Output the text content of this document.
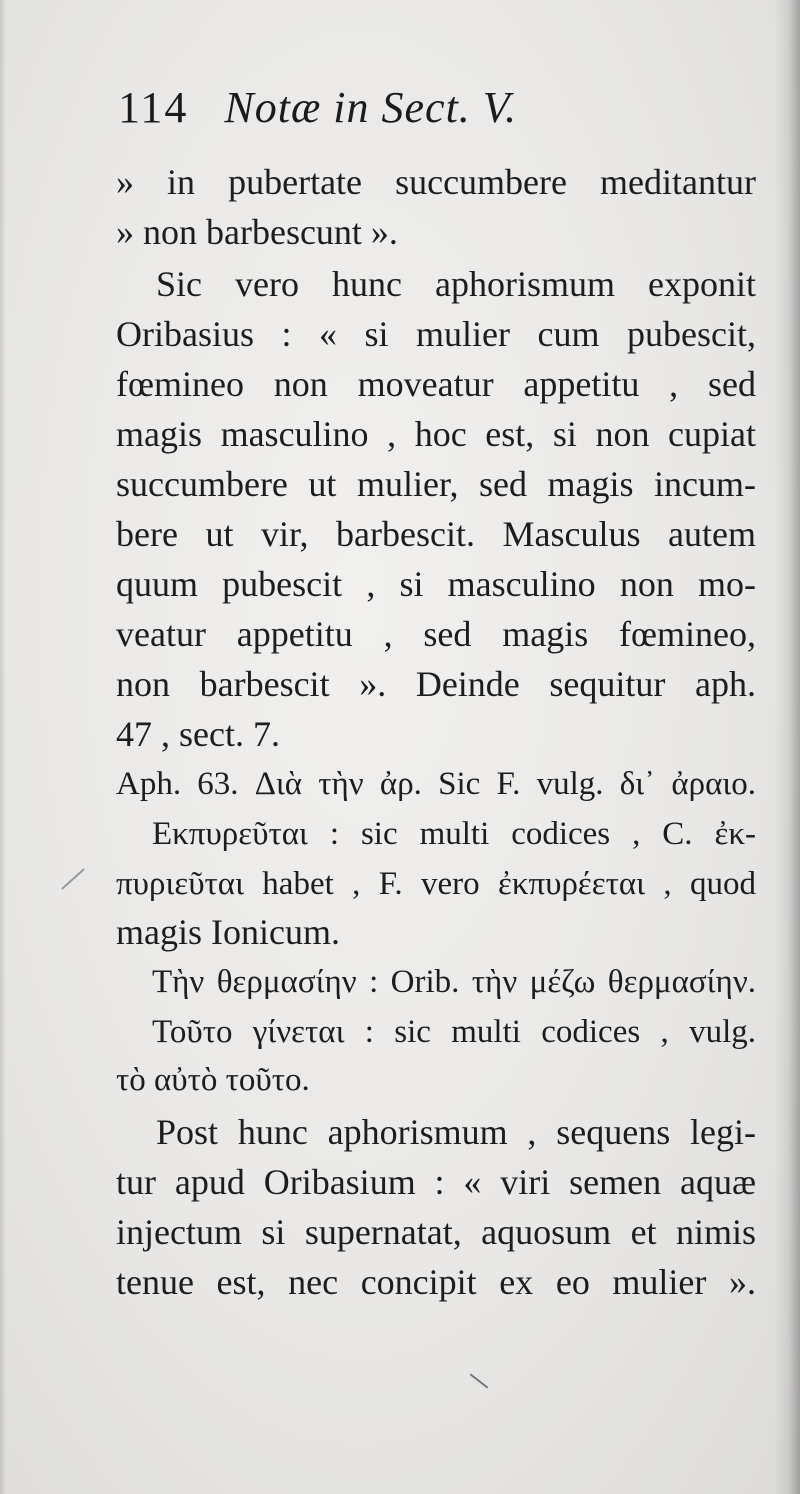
114 Notæ in Sect. V.
» in pubertate succumbere meditantur
» non barbescunt ».
Sic vero hunc aphorismum exponit
Oribasius : « si mulier cum pubescit,
fœmineo non moveatur appetitu , sed
magis masculino , hoc est, si non cupiat
succumbere ut mulier, sed magis incum-
bere ut vir, barbescit. Masculus autem
quum pubescit , si masculino non mo-
veatur appetitu , sed magis fœmineo,
non barbescit ». Deinde sequitur aph.
47 , sect. 7.
Aph. 63. Διὰ τὴν ἀρ. Sic F. vulg. δι᾽ ἀραιο.
Εκπυρεῦται : sic multi codices , C. ἐκ-
πυριεῦται habet , F. vero ἐκπυρέεται , quod
magis Ionicum.
Τὴν θερμασίην : Orib. τὴν μέζω θερμασίην.
Τοῦτο γίνεται : sic multi codices , vulg.
τὸ αὐτὸ τοῦτο.
Post hunc aphorismum , sequens legi-
tur apud Oribasium : « viri semen aquæ
injectum si supernatat, aquosum et nimis
tenue est, nec concipit ex eo mulier ».
